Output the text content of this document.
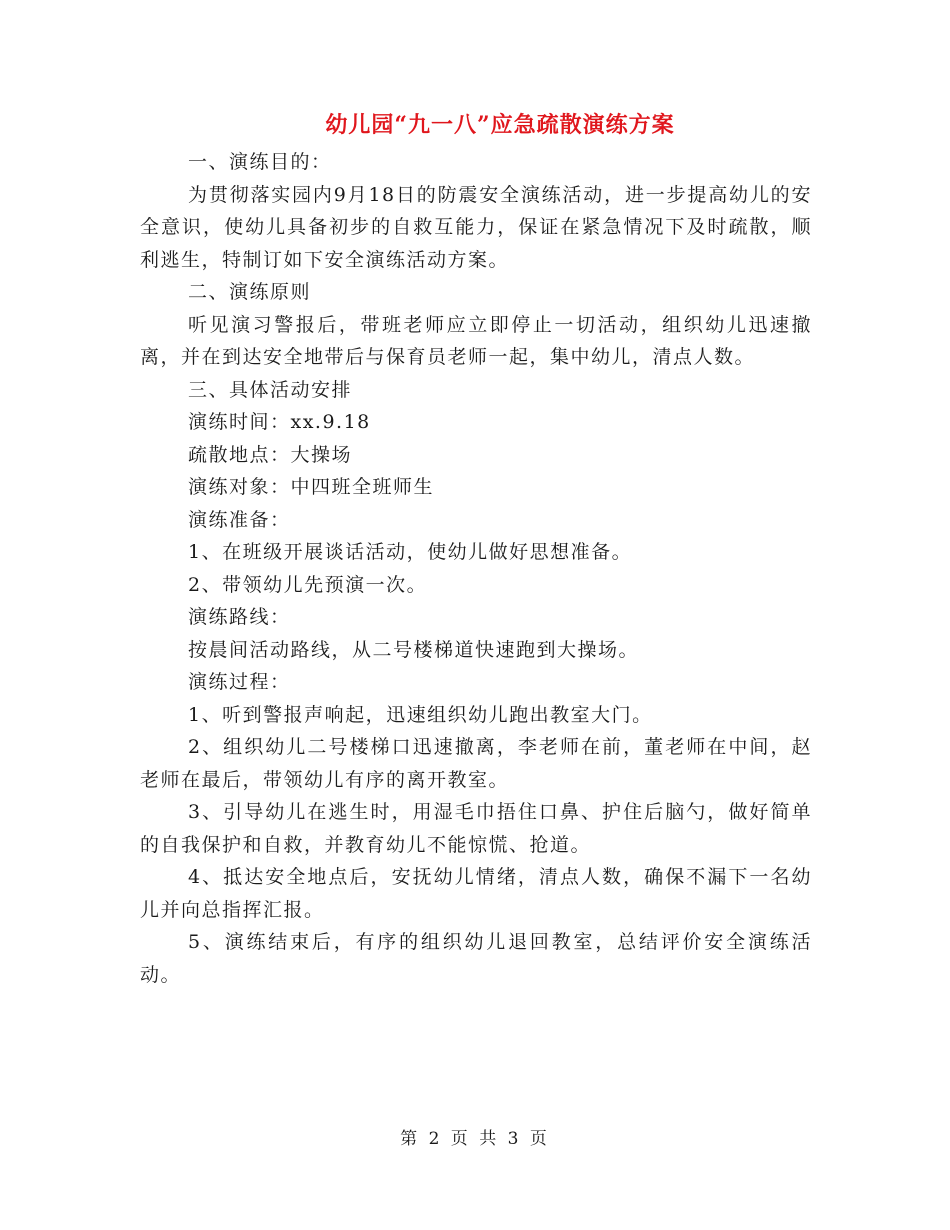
幼儿园“九一八”应急疏散演练方案

一、演练目的：

为贯彻落实园内9月18日的防震安全演练活动，进一步提高幼儿的安全意识，使幼儿具备初步的自救互能力，保证在紧急情况下及时疏散，顺利逃生，特制订如下安全演练活动方案。

二、演练原则

听见演习警报后，带班老师应立即停止一切活动，组织幼儿迅速撤离，并在到达安全地带后与保育员老师一起，集中幼儿，清点人数。

三、具体活动安排

演练时间：xx.9.18

疏散地点：大操场

演练对象：中四班全班师生

演练准备：

1、在班级开展谈话活动，使幼儿做好思想准备。

2、带领幼儿先预演一次。

演练路线：

按晨间活动路线，从二号楼梯道快速跑到大操场。

演练过程：

1、听到警报声响起，迅速组织幼儿跑出教室大门。

2、组织幼儿二号楼梯口迅速撤离，李老师在前，董老师在中间，赵老师在最后，带领幼儿有序的离开教室。

3、引导幼儿在逃生时，用湿毛巾捂住口鼻、护住后脑勺，做好简单的自我保护和自救，并教育幼儿不能惊慌、抢道。

4、抵达安全地点后，安抚幼儿情绪，清点人数，确保不漏下一名幼儿并向总指挥汇报。

5、演练结束后，有序的组织幼儿退回教室，总结评价安全演练活动。

第 2 页 共 3 页
